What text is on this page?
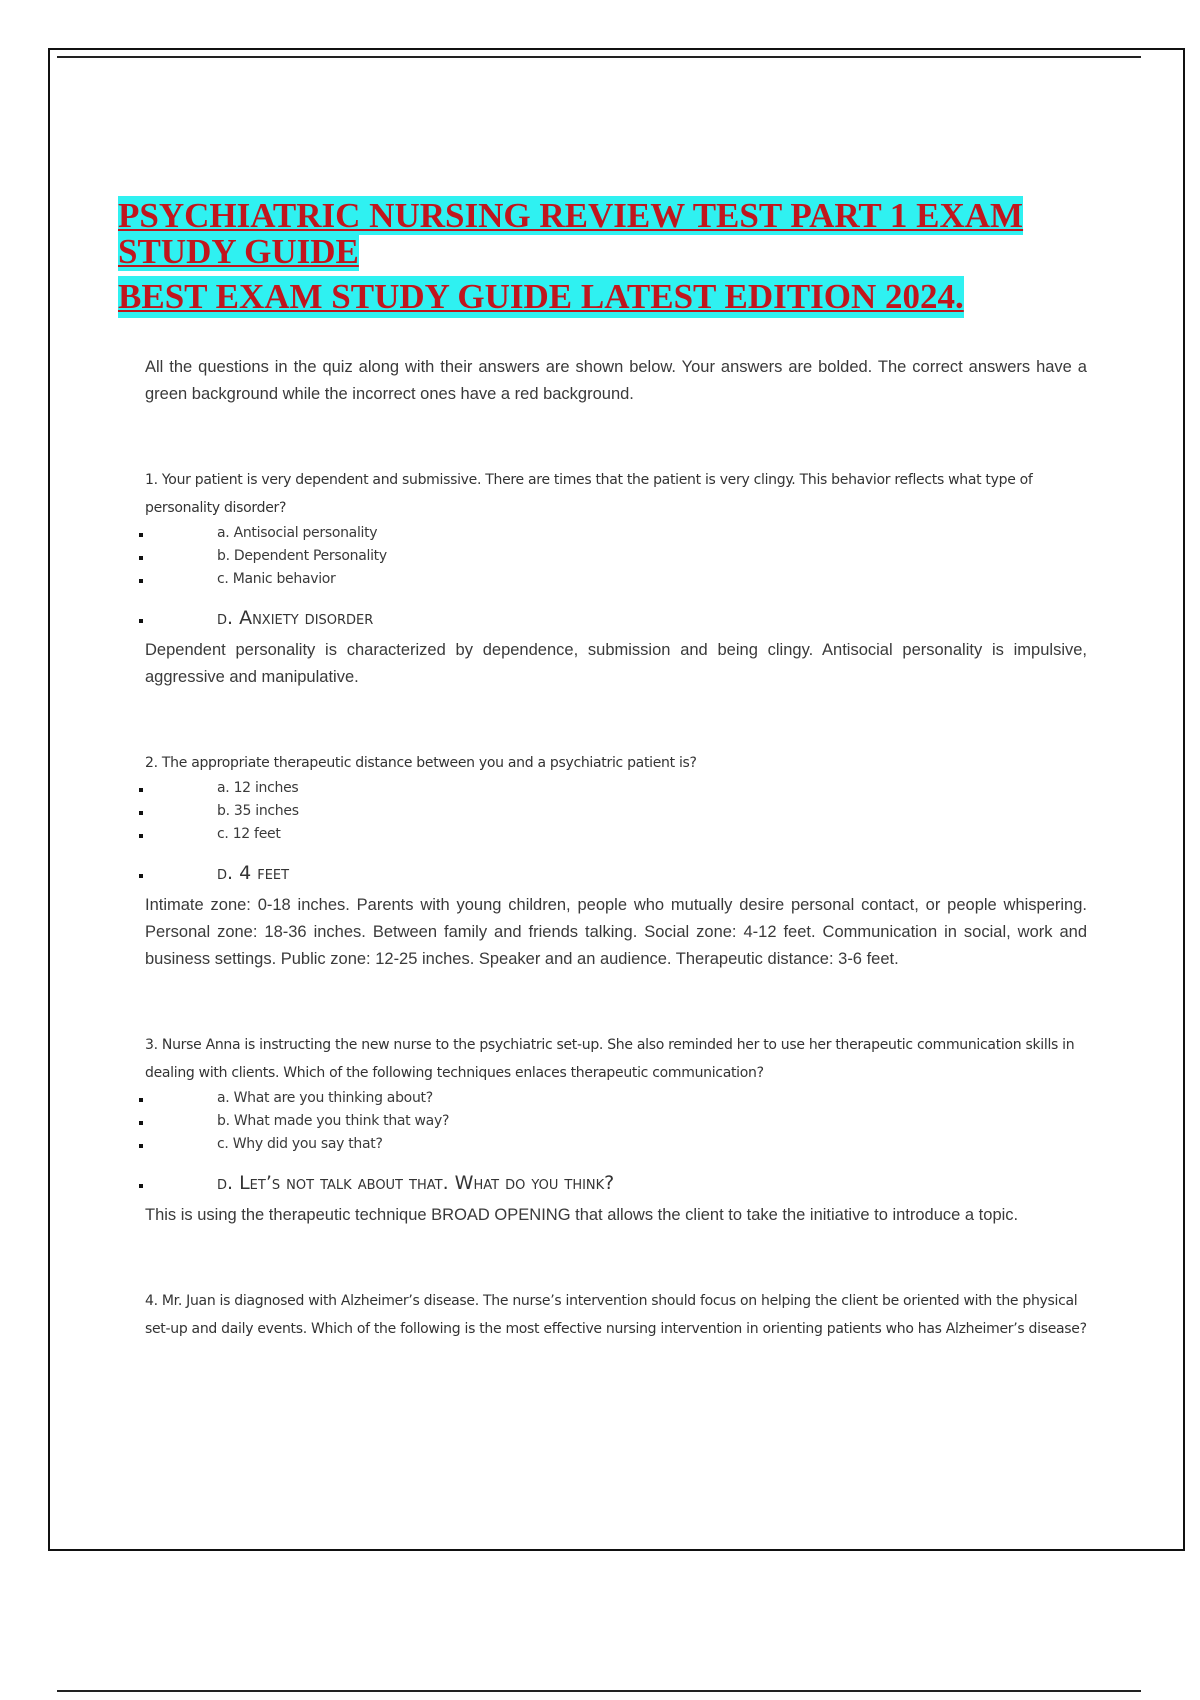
PSYCHIATRIC NURSING REVIEW TEST PART 1 EXAM STUDY GUIDE
BEST EXAM STUDY GUIDE LATEST EDITION 2024.

All the questions in the quiz along with their answers are shown below. Your answers are bolded. The correct answers have a green background while the incorrect ones have a red background.

1. Your patient is very dependent and submissive. There are times that the patient is very clingy. This behavior reflects what type of personality disorder?

a. Antisocial personality
b. Dependent Personality
c. Manic behavior
d. Anxiety disorder

Dependent personality is characterized by dependence, submission and being clingy. Antisocial personality is impulsive, aggressive and manipulative.

2. The appropriate therapeutic distance between you and a psychiatric patient is?

a. 12 inches
b. 35 inches
c. 12 feet
d. 4 feet

Intimate zone: 0-18 inches. Parents with young children, people who mutually desire personal contact, or people whispering. Personal zone: 18-36 inches. Between family and friends talking. Social zone: 4-12 feet. Communication in social, work and business settings. Public zone: 12-25 inches. Speaker and an audience. Therapeutic distance: 3-6 feet.

3. Nurse Anna is instructing the new nurse to the psychiatric set-up. She also reminded her to use her therapeutic communication skills in dealing with clients. Which of the following techniques enlaces therapeutic communication?

a. What are you thinking about?
b. What made you think that way?
c. Why did you say that?
d. Let’s not talk about that. What do you think?

This is using the therapeutic technique BROAD OPENING that allows the client to take the initiative to introduce a topic.

4. Mr. Juan is diagnosed with Alzheimer’s disease. The nurse’s intervention should focus on helping the client be oriented with the physical set-up and daily events. Which of the following is the most effective nursing intervention in orienting patients who has Alzheimer’s disease?
